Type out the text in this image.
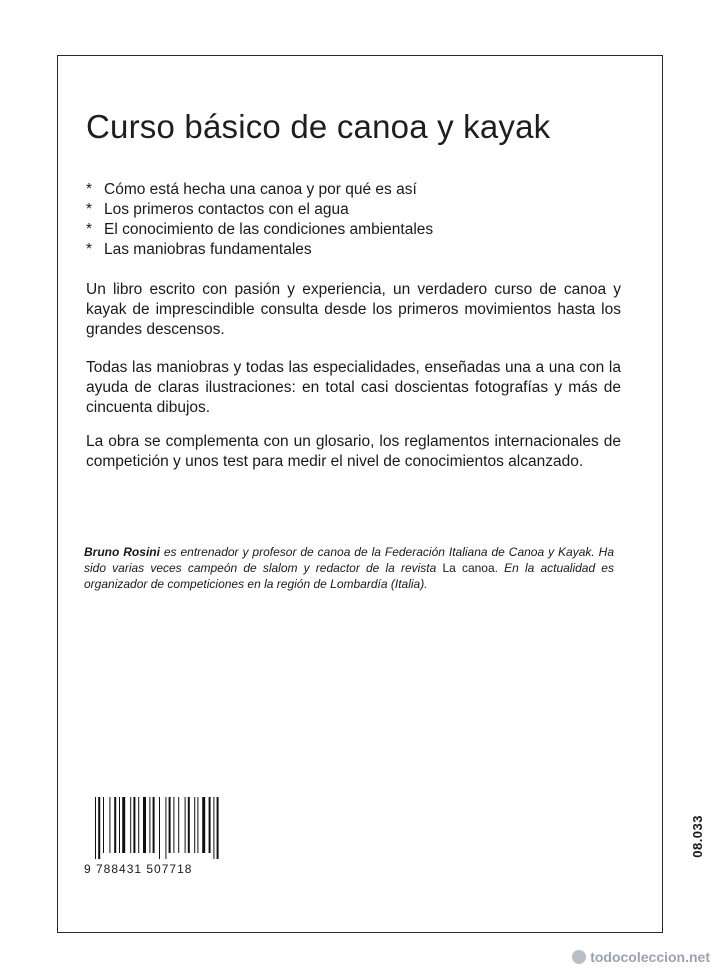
Curso básico de canoa y kayak
* Cómo está hecha una canoa y por qué es así
* Los primeros contactos con el agua
* El conocimiento de las condiciones ambientales
* Las maniobras fundamentales

Un libro escrito con pasión y experiencia, un verdadero curso de canoa y kayak de imprescindible consulta desde los primeros movimientos hasta los grandes descensos.

Todas las maniobras y todas las especialidades, enseñadas una a una con la ayuda de claras ilustraciones: en total casi doscientas fotografías y más de cincuenta dibujos.

La obra se complementa con un glosario, los reglamentos internacionales de competición y unos test para medir el nivel de conocimientos alcanzado.

Bruno Rosini es entrenador y profesor de canoa de la Federación Italiana de Canoa y Kayak. Ha sido varias veces campeón de slalom y redactor de la revista La canoa. En la actualidad es organizador de competiciones en la región de Lombardía (Italia).

9 788431 507718
08.033
todocoleccion.net
